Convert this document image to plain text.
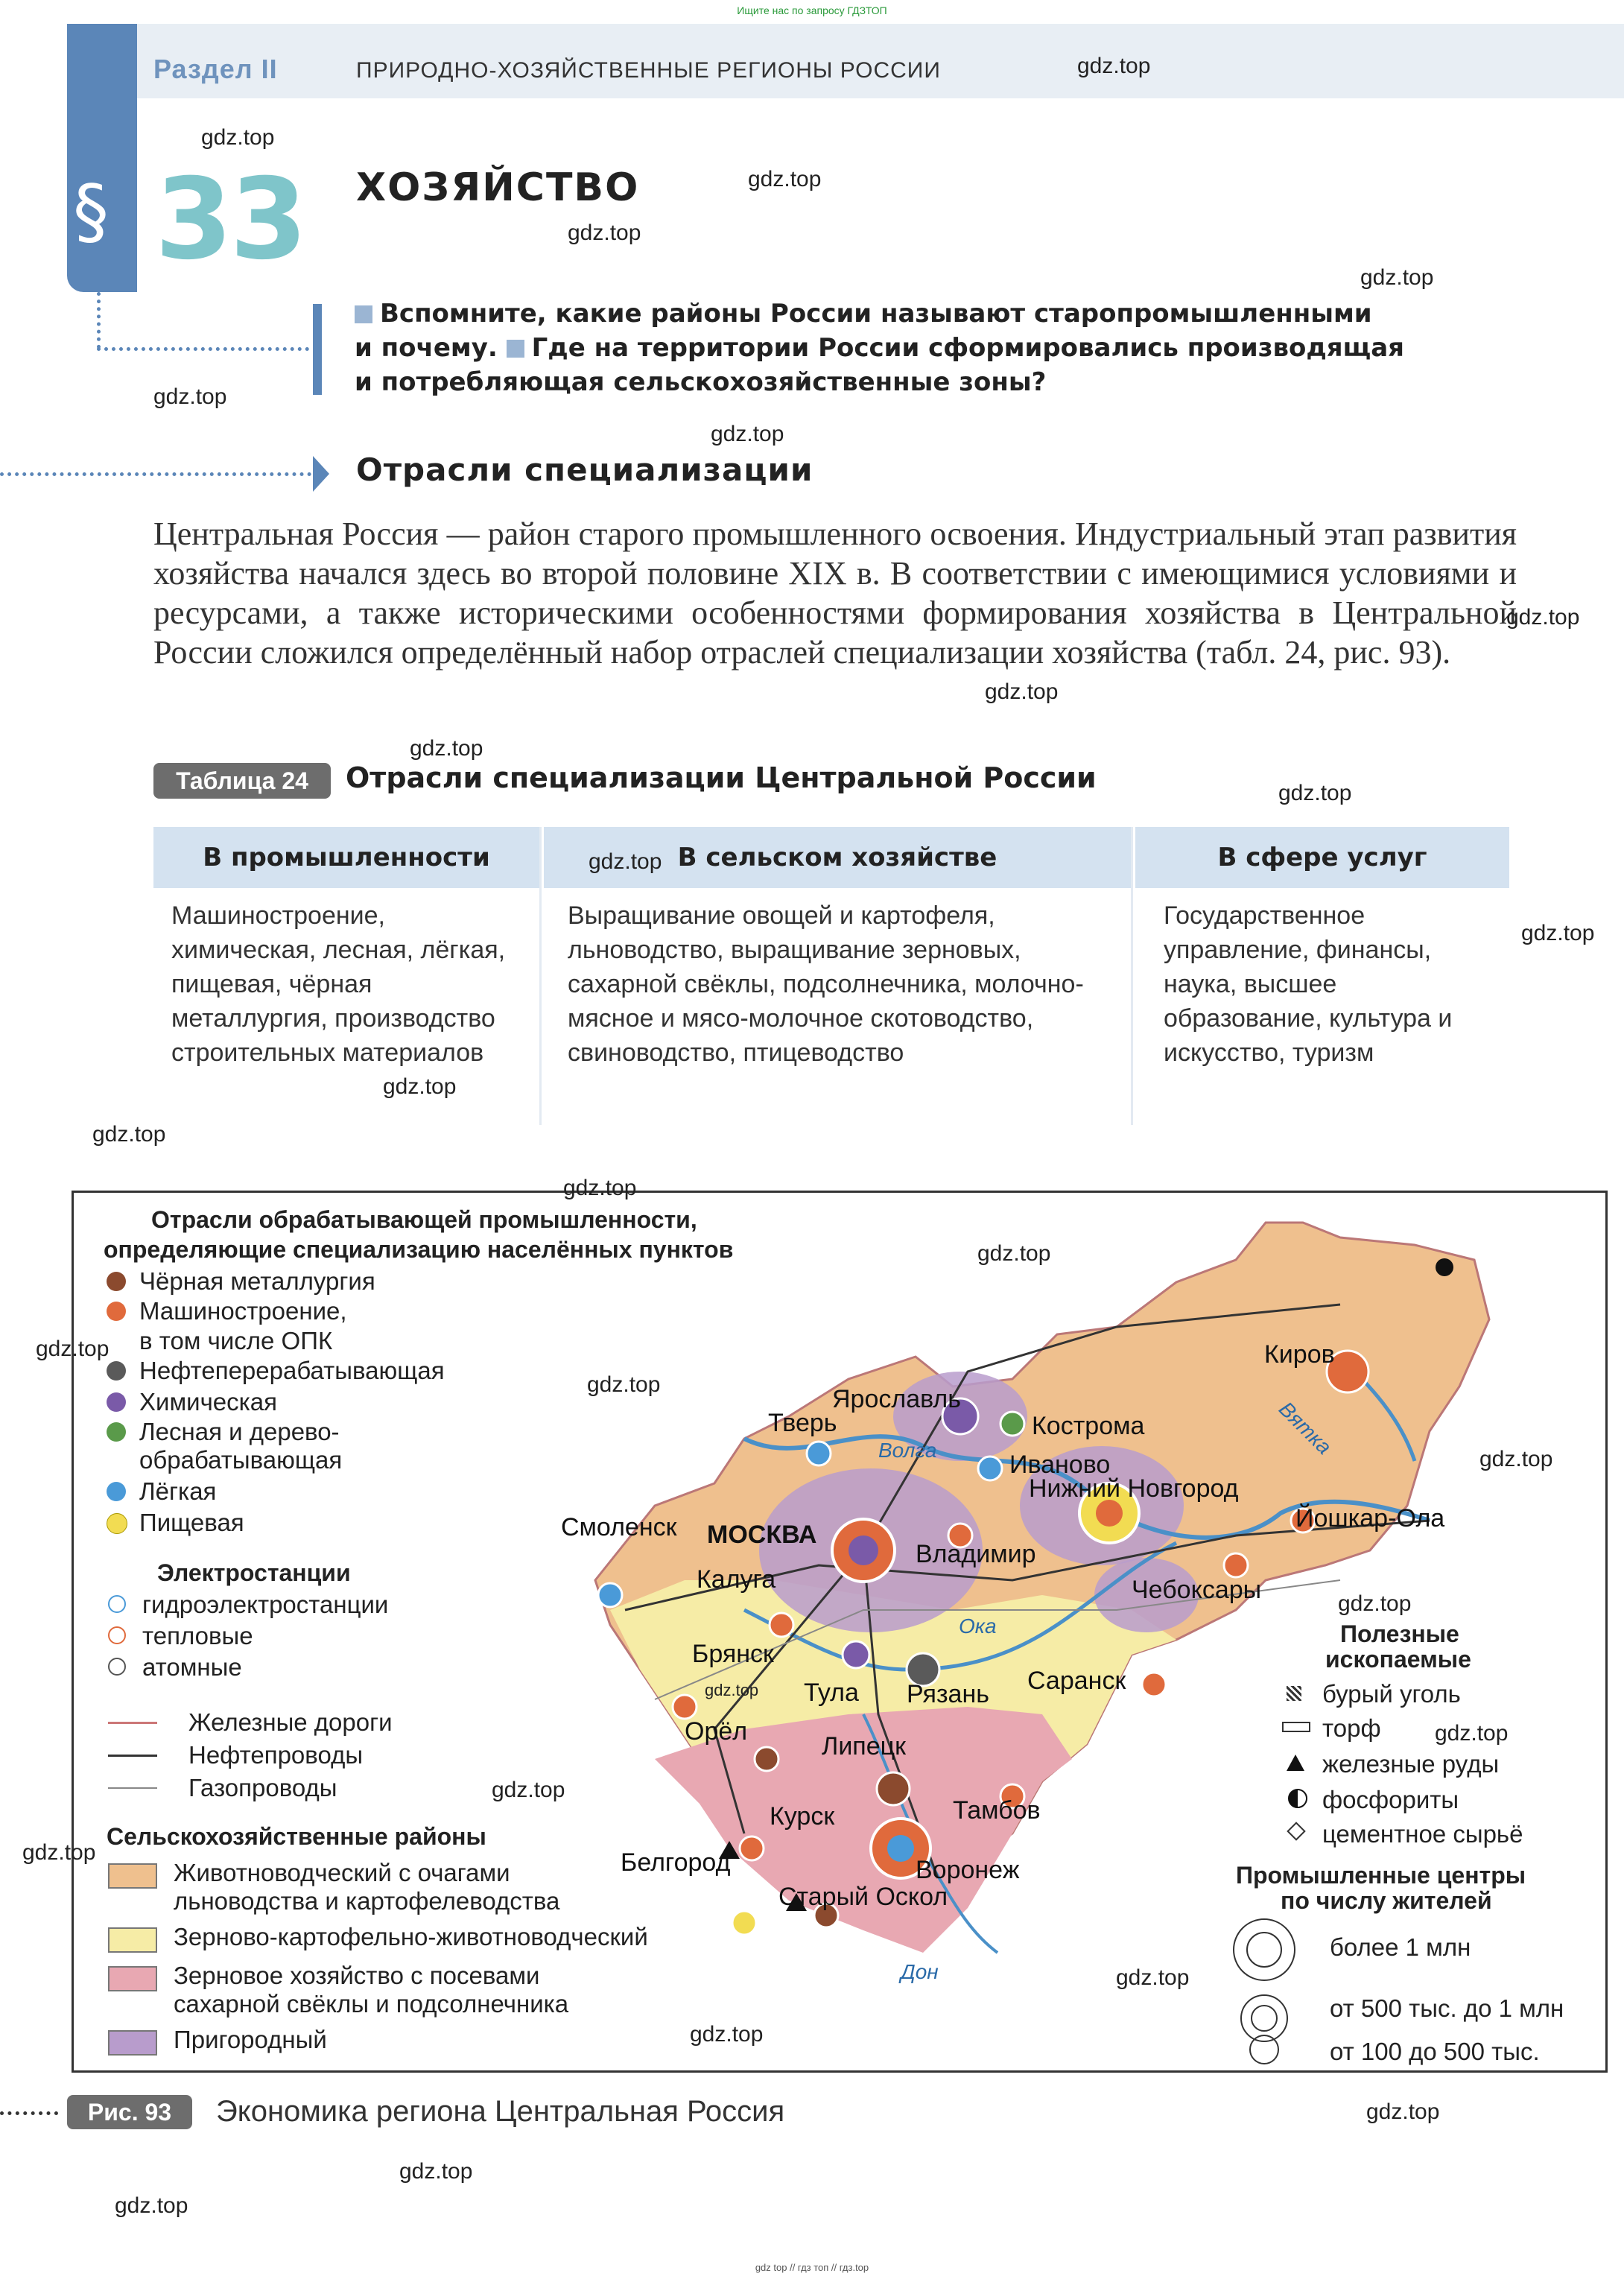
Ищите нас по запросу ГДЗТОП
Раздел II	ПРИРОДНО-ХОЗЯЙСТВЕННЫЕ РЕГИОНЫ РОССИИ
§ 33 ХОЗЯЙСТВО
Вспомните, какие районы России называют старопромышленными
и почему. Где на территории России сформировались производящая
и потребляющая сельскохозяйственные зоны?
Отрасли специализации
Центральная Россия — район старого промышленного освоения. Индустриальный этап развития хозяйства начался здесь во второй половине XIX в. В соответствии с имеющимися условиями и ресурсами, а также историческими особенностями формирования хозяйства в Центральной России сложился определённый набор отраслей специализации хозяйства (табл. 24, рис. 93).
Таблица 24	Отрасли специализации Центральной России
В промышленности	В сельском хозяйстве	В сфере услуг
Машиностроение, химическая, лесная, лёгкая, пищевая, чёрная металлургия, производство строительных материалов
Выращивание овощей и картофеля, льноводство, выращивание зерновых, сахарной свёклы, подсолнечника, молочно-мясное и мясо-молочное скотоводство, свиноводство, птицеводство
Государственное управление, финансы, наука, высшее образование, культура и искусство, туризм
Отрасли обрабатывающей промышленности,
определяющие специализацию населённых пунктов
Чёрная металлургия
Машиностроение,
в том числе ОПК
Нефтеперерабатывающая
Химическая
Лесная и дерево-
обрабатывающая
Лёгкая
Пищевая
Электростанции
гидроэлектростанции
тепловые
атомные
Железные дороги
Нефтепроводы
Газопроводы
Сельскохозяйственные районы
Животноводческий с очагами
льноводства и картофелеводства
Зерново-картофельно-животноводческий
Зерновое хозяйство с посевами
сахарной свёклы и подсолнечника
Пригородный
Киров
Ярославль
Тверь	Кострома
Иваново
Нижний Новгород
Йошкар-Ола
Смоленск МОСКВА
Владимир
Чебоксары
Калуга
Брянск
Тула Рязань Саранск
Орёл
Липецк
Тамбов
Курск
Белгород	Воронеж
Старый Оскол
Волга	Вятка
Ока
Дон
Полезные
ископаемые
бурый уголь
торф
железные руды
фосфориты
цементное сырьё
Промышленные центры
по числу жителей
более 1 млн
от 500 тыс. до 1 млн
от 100 до 500 тыс.
Рис. 93	Экономика региона Центральная Россия
gdz.top
gdz.top
gdz.top
gdz.top
gdz.top
gdz.top
gdz.top
gdz.top
gdz.top
gdz.top
gdz.top
gdz.top
gdz.top
gdz.top
gdz.top
gdz.top
gdz.top
gdz.top
gdz.top
gdz.top
gdz.top
gdz.top
gdz.top
gdz.top
gdz.top
gdz.top
gdz.top
gdz.top
gdz.top
gdz.top
gdz top // гдз топ // гдз.top
